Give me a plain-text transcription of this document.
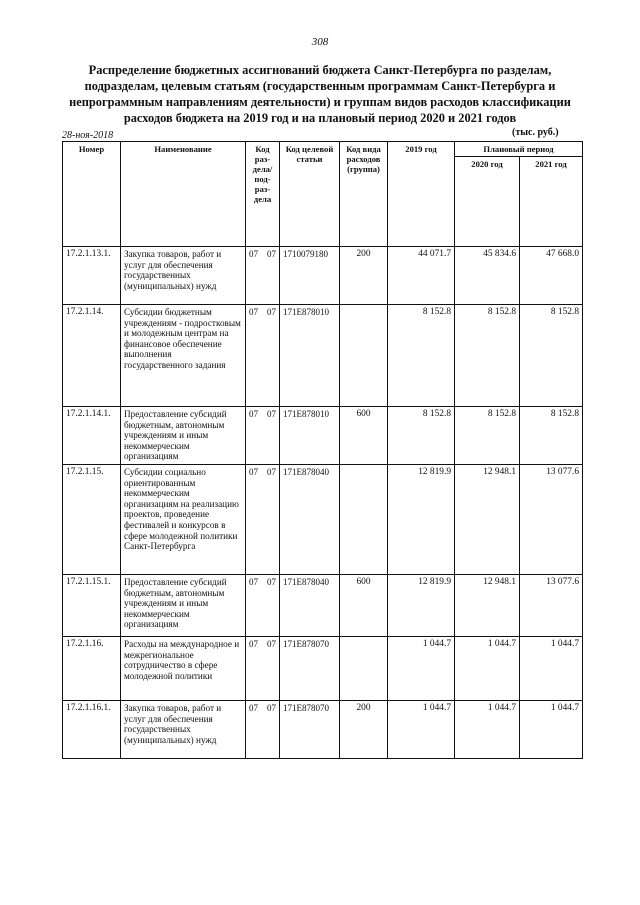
308
Распределение бюджетных ассигнований бюджета Санкт-Петербурга по разделам, подразделам, целевым статьям (государственным программам Санкт-Петербурга и непрограммным направлениям деятельности) и группам видов расходов классификации расходов бюджета на 2019 год и на плановый период 2020 и 2021 годов
28-ноя-2018	(тыс. руб.)
Номер	Наименование	Код раз-дела/ под-раз-дела	Код целевой статьи	Код вида расходов (группа)	2019 год	Плановый период	
						2020 год	2021 год
17.2.1.13.1.	Закупка товаров, работ и услуг для обеспечения государственных (муниципальных) нужд	07 07	1710079180	200	44 071.7	45 834.6	47 668.0
17.2.1.14.	Субсидии бюджетным учреждениям - подростковым и молодежным центрам на финансовое обеспечение выполнения государственного задания	07 07	171Е878010		8 152.8	8 152.8	8 152.8
17.2.1.14.1.	Предоставление субсидий бюджетным, автономным учреждениям и иным некоммерческим организациям	07 07	171Е878010	600	8 152.8	8 152.8	8 152.8
17.2.1.15.	Субсидии социально ориентированным некоммерческим организациям на реализацию проектов, проведение фестивалей и конкурсов в сфере молодежной политики Санкт-Петербурга	07 07	171Е878040		12 819.9	12 948.1	13 077.6
17.2.1.15.1.	Предоставление субсидий бюджетным, автономным учреждениям и иным некоммерческим организациям	07 07	171Е878040	600	12 819.9	12 948.1	13 077.6
17.2.1.16.	Расходы на международное и межрегиональное сотрудничество в сфере молодежной политики	07 07	171Е878070		1 044.7	1 044.7	1 044.7
17.2.1.16.1.	Закупка товаров, работ и услуг для обеспечения государственных (муниципальных) нужд	07 07	171Е878070	200	1 044.7	1 044.7	1 044.7
